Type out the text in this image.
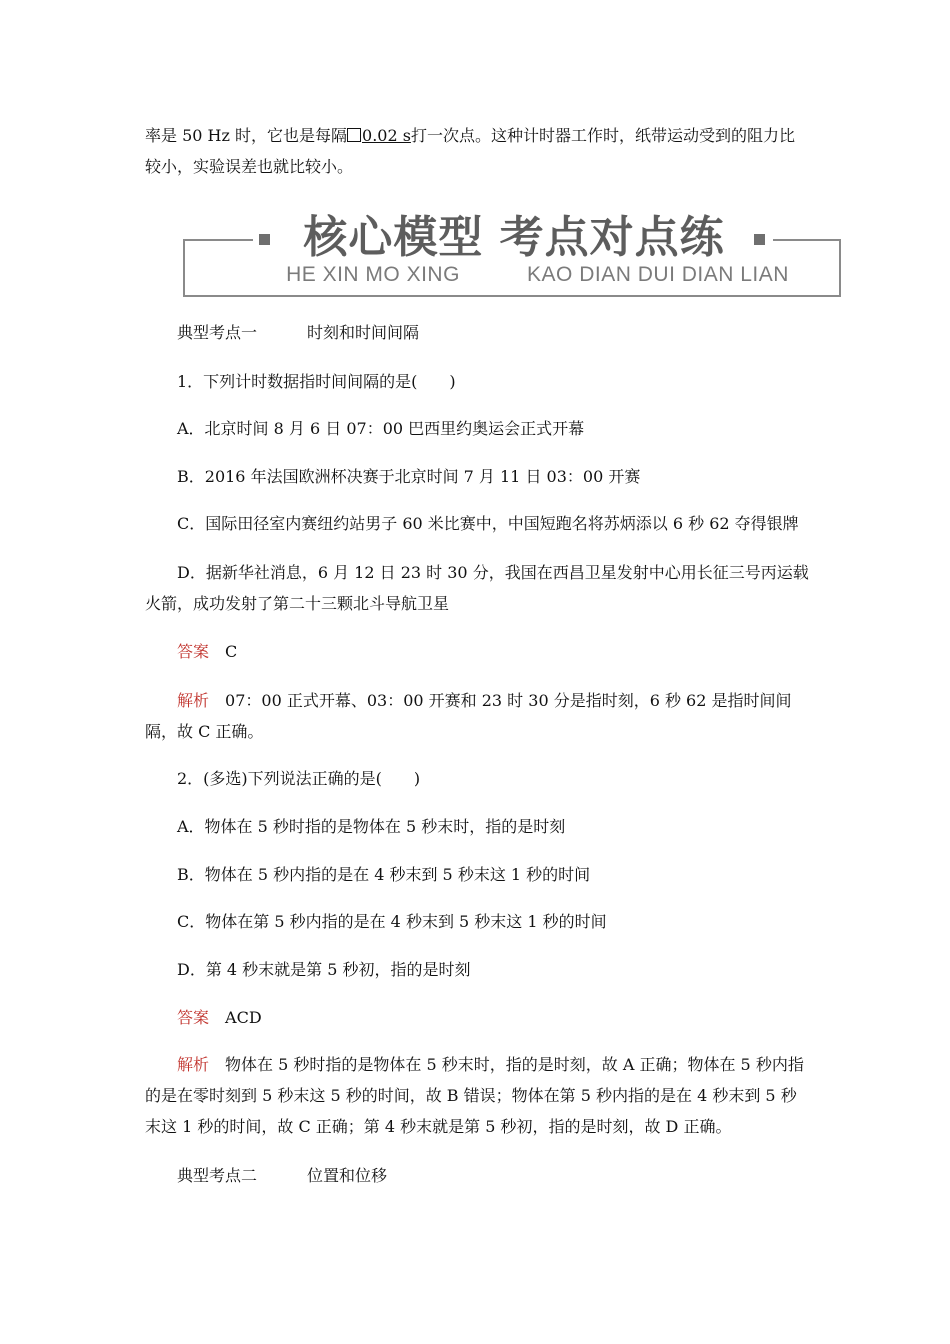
率是 50 Hz 时，它也是每隔 0.02 s打一次点。这种计时器工作时，纸带运动受到的阻力比较小，实验误差也就比较小。
核心模型 考点对点练
HE XIN MO XING	KAO DIAN DUI DIAN LIAN
典型考点一	时刻和时间间隔
1．下列计时数据指时间间隔的是(　　)
A．北京时间 8 月 6 日 07：00 巴西里约奥运会正式开幕
B．2016 年法国欧洲杯决赛于北京时间 7 月 11 日 03：00 开赛
C．国际田径室内赛纽约站男子 60 米比赛中，中国短跑名将苏炳添以 6 秒 62 夺得银牌
D．据新华社消息，6 月 12 日 23 时 30 分，我国在西昌卫星发射中心用长征三号丙运载火箭，成功发射了第二十三颗北斗导航卫星
答案　 C
解析　 07：00 正式开幕、03：00 开赛和 23 时 30 分是指时刻，6 秒 62 是指时间间隔，故 C 正确。
2．(多选)下列说法正确的是(　　)
A．物体在 5 秒时指的是物体在 5 秒末时，指的是时刻
B．物体在 5 秒内指的是在 4 秒末到 5 秒末这 1 秒的时间
C．物体在第 5 秒内指的是在 4 秒末到 5 秒末这 1 秒的时间
D．第 4 秒末就是第 5 秒初，指的是时刻
答案　 ACD
解析　 物体在 5 秒时指的是物体在 5 秒末时，指的是时刻，故 A 正确；物体在 5 秒内指的是在零时刻到 5 秒末这 5 秒的时间，故 B 错误；物体在第 5 秒内指的是在 4 秒末到 5 秒末这 1 秒的时间，故 C 正确；第 4 秒末就是第 5 秒初，指的是时刻，故 D 正确。
典型考点二	位置和位移
